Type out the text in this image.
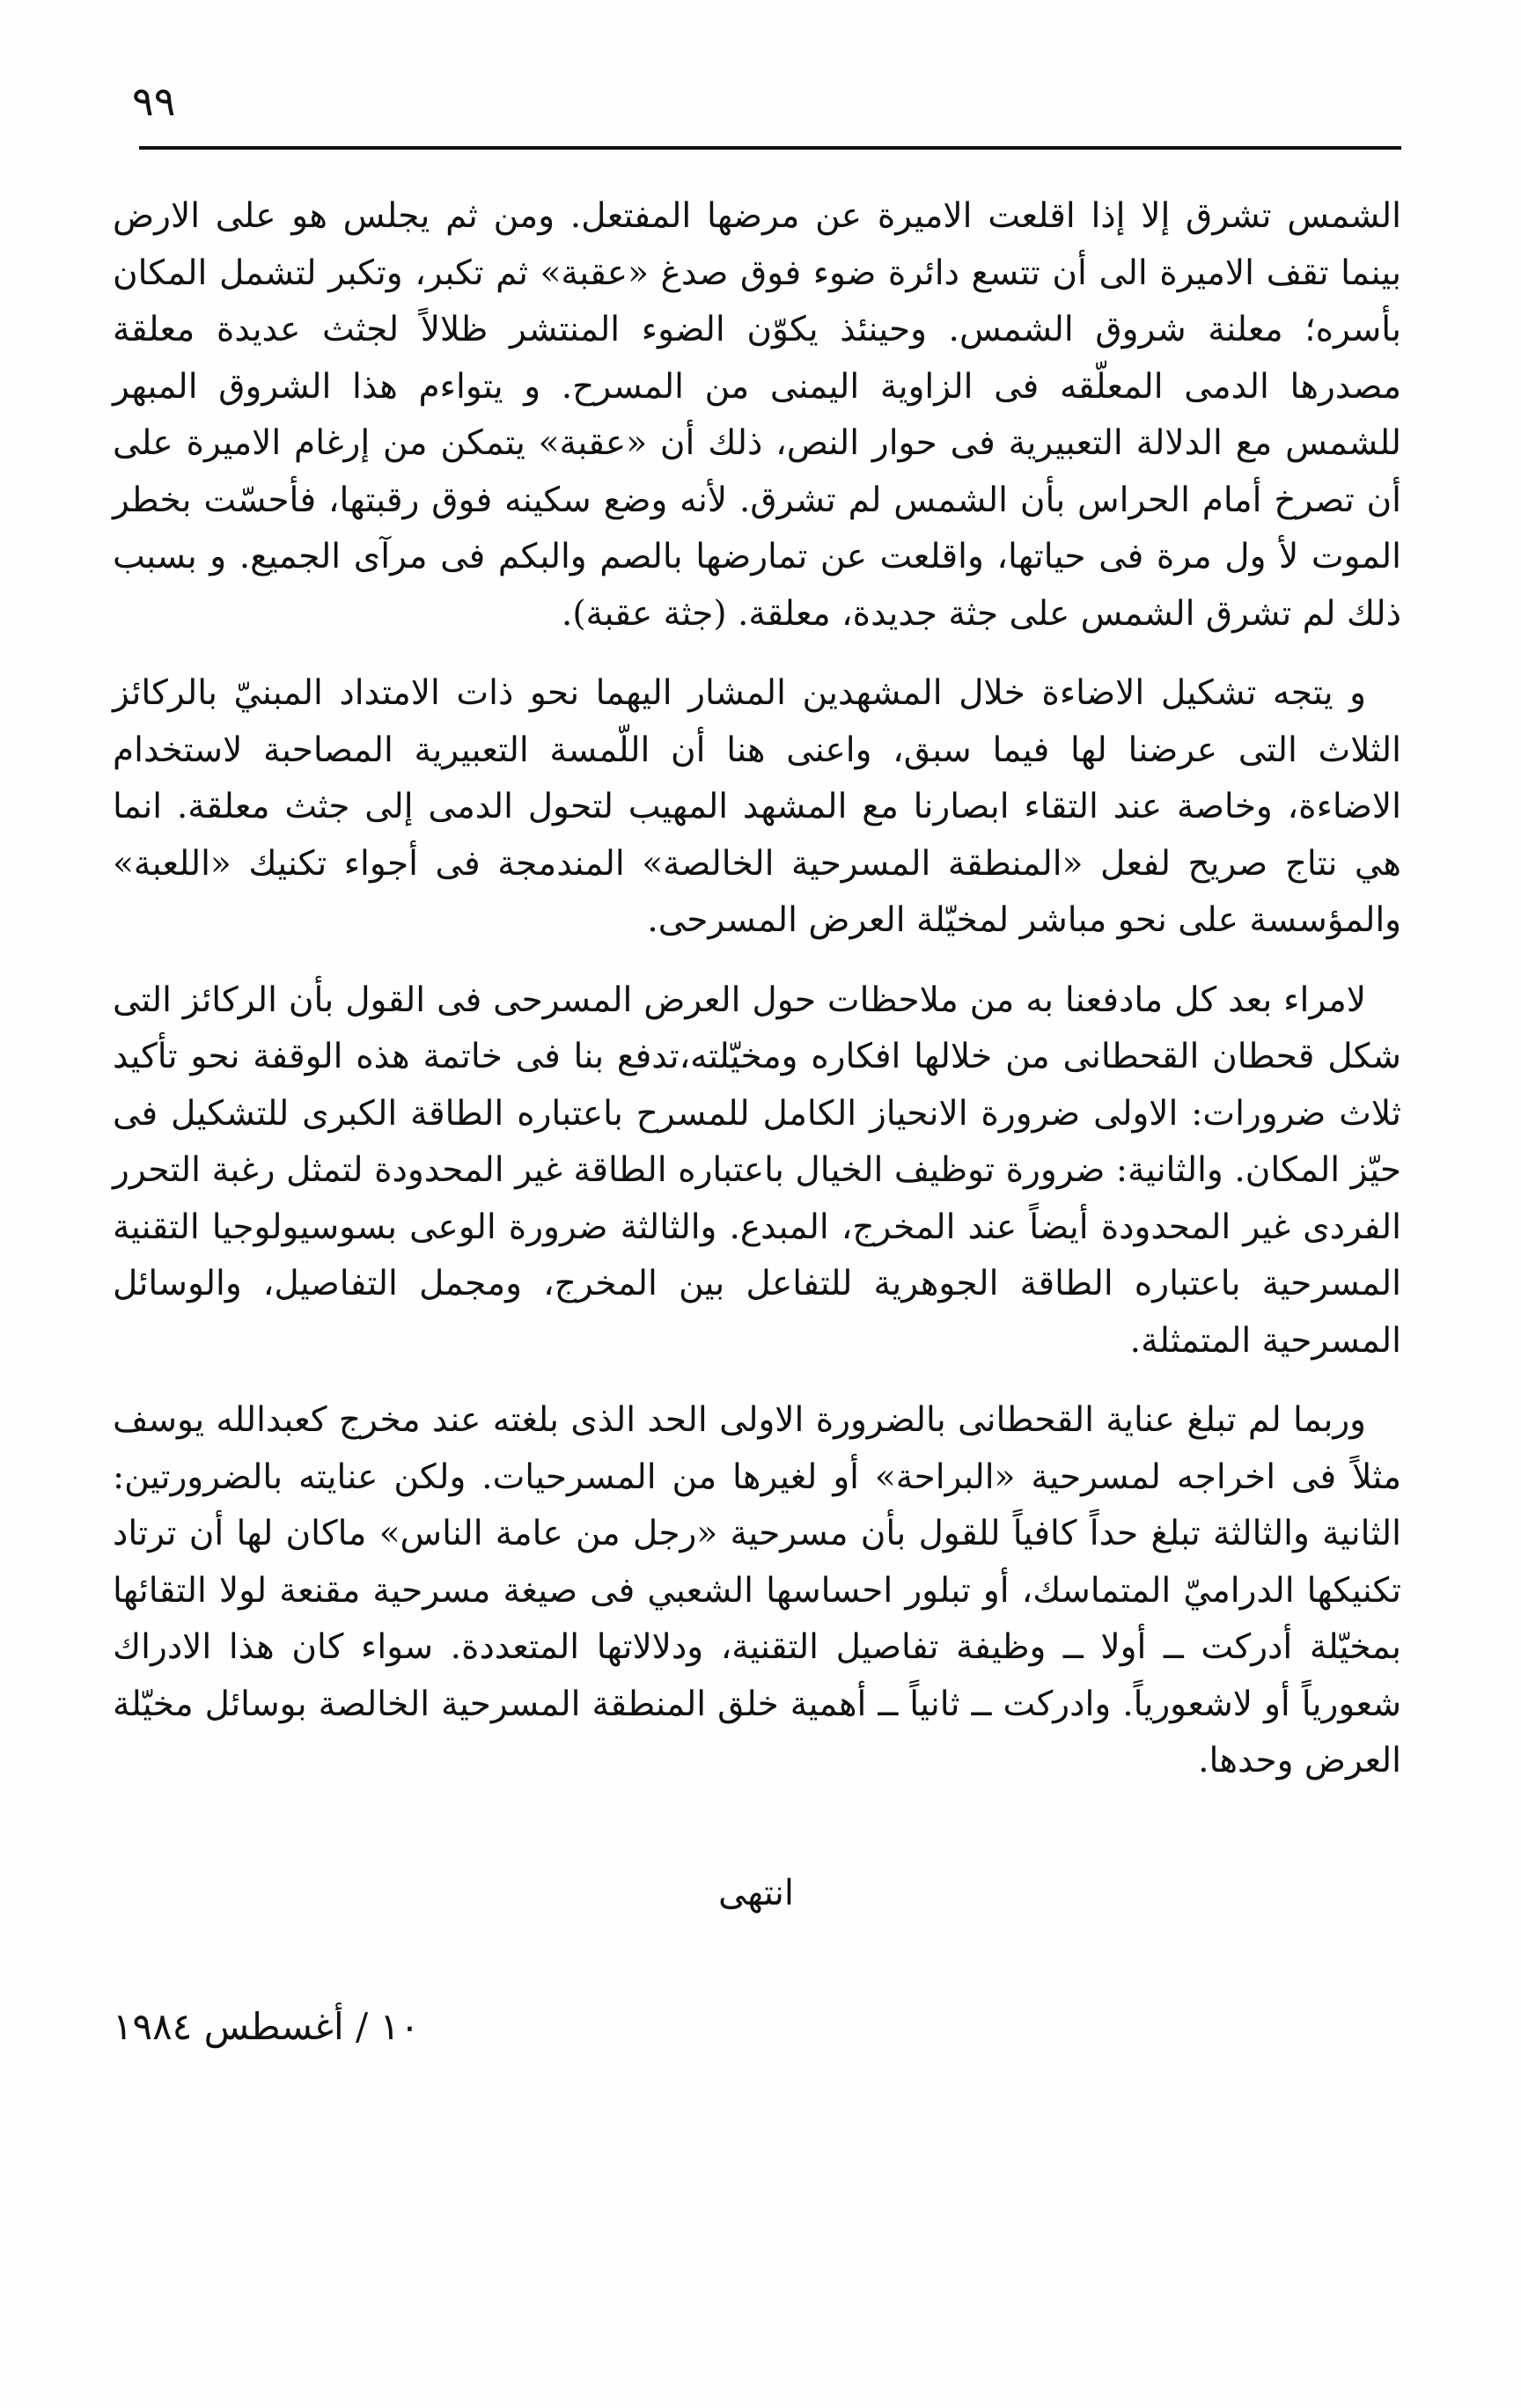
٩٩

الشمس تشرق إلا إذا اقلعت الاميرة عن مرضها المفتعل. ومن ثم يجلس هو على الارض بينما تقف الاميرة الى أن تتسع دائرة ضوء فوق صدغ «عقبة» ثم تكبر، وتكبر لتشمل المكان بأسره؛ معلنة شروق الشمس. وحينئذ يكوّن الضوء المنتشر ظلالاً لجثث عديدة معلقة مصدرها الدمى المعلّقه فى الزاوية اليمنى من المسرح. و يتواءم هذا الشروق المبهر للشمس مع الدلالة التعبيرية فى حوار النص، ذلك أن «عقبة» يتمكن من إرغام الاميرة على أن تصرخ أمام الحراس بأن الشمس لم تشرق. لأنه وضع سكينه فوق رقبتها، فأحسّت بخطر الموت لأ ول مرة فى حياتها، واقلعت عن تمارضها بالصم والبكم فى مرآى الجميع. و بسبب ذلك لم تشرق الشمس على جثة جديدة، معلقة. (جثة عقبة).

و يتجه تشكيل الاضاءة خلال المشهدين المشار اليهما نحو ذات الامتداد المبنيّ بالركائز الثلاث التى عرضنا لها فيما سبق، واعنى هنا أن اللّمسة التعبيرية المصاحبة لاستخدام الاضاءة، وخاصة عند التقاء ابصارنا مع المشهد المهيب لتحول الدمى إلى جثث معلقة. انما هي نتاج صريح لفعل «المنطقة المسرحية الخالصة» المندمجة فى أجواء تكنيك «اللعبة» والمؤسسة على نحو مباشر لمخيّلة العرض المسرحى.

لامراء بعد كل مادفعنا به من ملاحظات حول العرض المسرحى فى القول بأن الركائز التى شكل قحطان القحطانى من خلالها افكاره ومخيّلته،تدفع بنا فى خاتمة هذه الوقفة نحو تأكيد ثلاث ضرورات: الاولى ضرورة الانحياز الكامل للمسرح باعتباره الطاقة الكبرى للتشكيل فى حيّز المكان. والثانية: ضرورة توظيف الخيال باعتباره الطاقة غير المحدودة لتمثل رغبة التحرر الفردى غير المحدودة أيضاً عند المخرج، المبدع. والثالثة ضرورة الوعى بسوسيولوجيا التقنية المسرحية باعتباره الطاقة الجوهرية للتفاعل بين المخرج، ومجمل التفاصيل، والوسائل المسرحية المتمثلة.

وربما لم تبلغ عناية القحطانى بالضرورة الاولى الحد الذى بلغته عند مخرج كعبدالله يوسف مثلاً فى اخراجه لمسرحية «البراحة» أو لغيرها من المسرحيات. ولكن عنايته بالضرورتين: الثانية والثالثة تبلغ حداً كافياً للقول بأن مسرحية «رجل من عامة الناس» ماكان لها أن ترتاد تكنيكها الدراميّ المتماسك، أو تبلور احساسها الشعبي فى صيغة مسرحية مقنعة لولا التقائها بمخيّلة أدركت ــ أولا ــ وظيفة تفاصيل التقنية، ودلالاتها المتعددة. سواء كان هذا الادراك شعورياً أو لاشعورياً. وادركت ــ ثانياً ــ أهمية خلق المنطقة المسرحية الخالصة بوسائل مخيّلة العرض وحدها.

انتهى
١٠ / أغسطس ١٩٨٤
